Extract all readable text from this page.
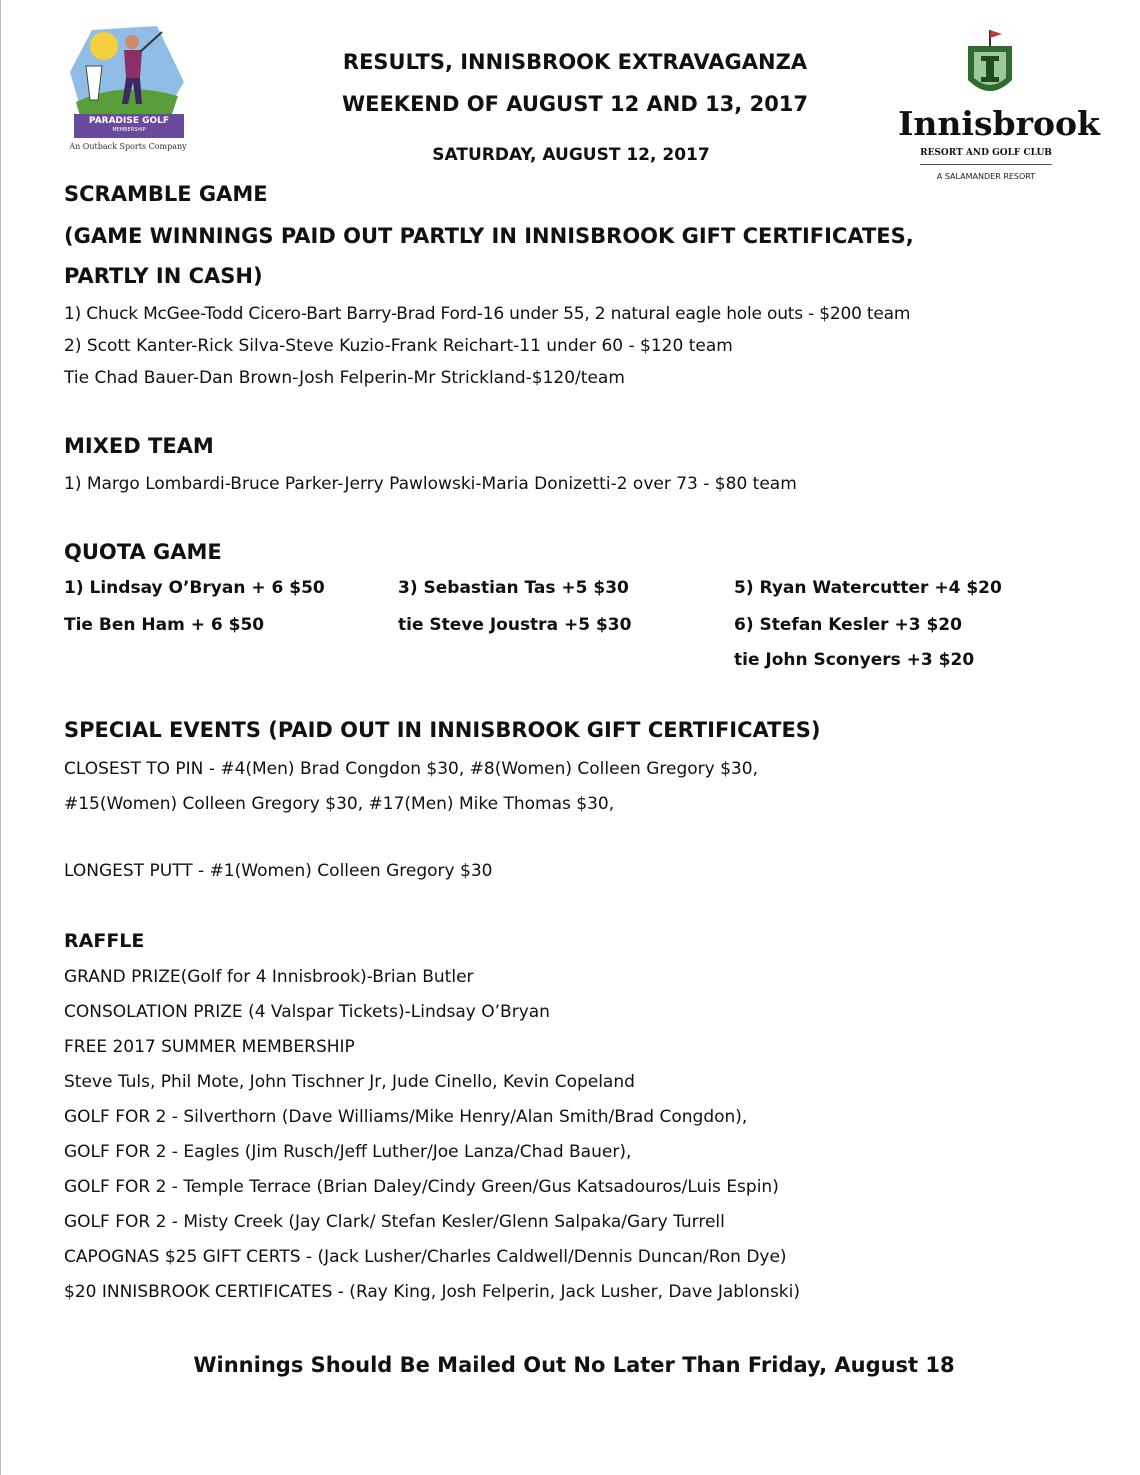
PARADISE GOLF
MEMBERSHIP
An Outback Sports Company
Innisbrook
RESORT AND GOLF CLUB
A SALAMANDER RESORT
RESULTS, INNISBROOK EXTRAVAGANZA
WEEKEND OF AUGUST 12 AND 13, 2017
SATURDAY, AUGUST 12, 2017
SCRAMBLE GAME
(GAME WINNINGS PAID OUT PARTLY IN INNISBROOK GIFT CERTIFICATES,
PARTLY IN CASH)
1) Chuck McGee-Todd Cicero-Bart Barry-Brad Ford-16 under 55, 2 natural eagle hole outs - $200 team
2) Scott Kanter-Rick Silva-Steve Kuzio-Frank Reichart-11 under 60 - $120 team
Tie Chad Bauer-Dan Brown-Josh Felperin-Mr Strickland-$120/team
MIXED TEAM
1) Margo Lombardi-Bruce Parker-Jerry Pawlowski-Maria Donizetti-2 over 73 - $80 team
QUOTA GAME
1) Lindsay O’Bryan + 6 $50
Tie Ben Ham + 6 $50
3) Sebastian Tas +5 $30
tie Steve Joustra +5 $30
5) Ryan Watercutter +4 $20
6) Stefan Kesler +3 $20
tie John Sconyers +3 $20
SPECIAL EVENTS (PAID OUT IN INNISBROOK GIFT CERTIFICATES)
CLOSEST TO PIN - #4(Men) Brad Congdon $30, #8(Women) Colleen Gregory $30,
#15(Women) Colleen Gregory $30, #17(Men) Mike Thomas $30,
LONGEST PUTT - #1(Women) Colleen Gregory $30
RAFFLE
GRAND PRIZE(Golf for 4 Innisbrook)-Brian Butler
CONSOLATION PRIZE (4 Valspar Tickets)-Lindsay O’Bryan
FREE 2017 SUMMER MEMBERSHIP
Steve Tuls, Phil Mote, John Tischner Jr, Jude Cinello, Kevin Copeland
GOLF FOR 2 - Silverthorn (Dave Williams/Mike Henry/Alan Smith/Brad Congdon),
GOLF FOR 2 - Eagles (Jim Rusch/Jeff Luther/Joe Lanza/Chad Bauer),
GOLF FOR 2 - Temple Terrace (Brian Daley/Cindy Green/Gus Katsadouros/Luis Espin)
GOLF FOR 2 - Misty Creek (Jay Clark/ Stefan Kesler/Glenn Salpaka/Gary Turrell
CAPOGNAS $25 GIFT CERTS - (Jack Lusher/Charles Caldwell/Dennis Duncan/Ron Dye)
$20 INNISBROOK CERTIFICATES - (Ray King, Josh Felperin, Jack Lusher, Dave Jablonski)
Winnings Should Be Mailed Out No Later Than Friday, August 18
